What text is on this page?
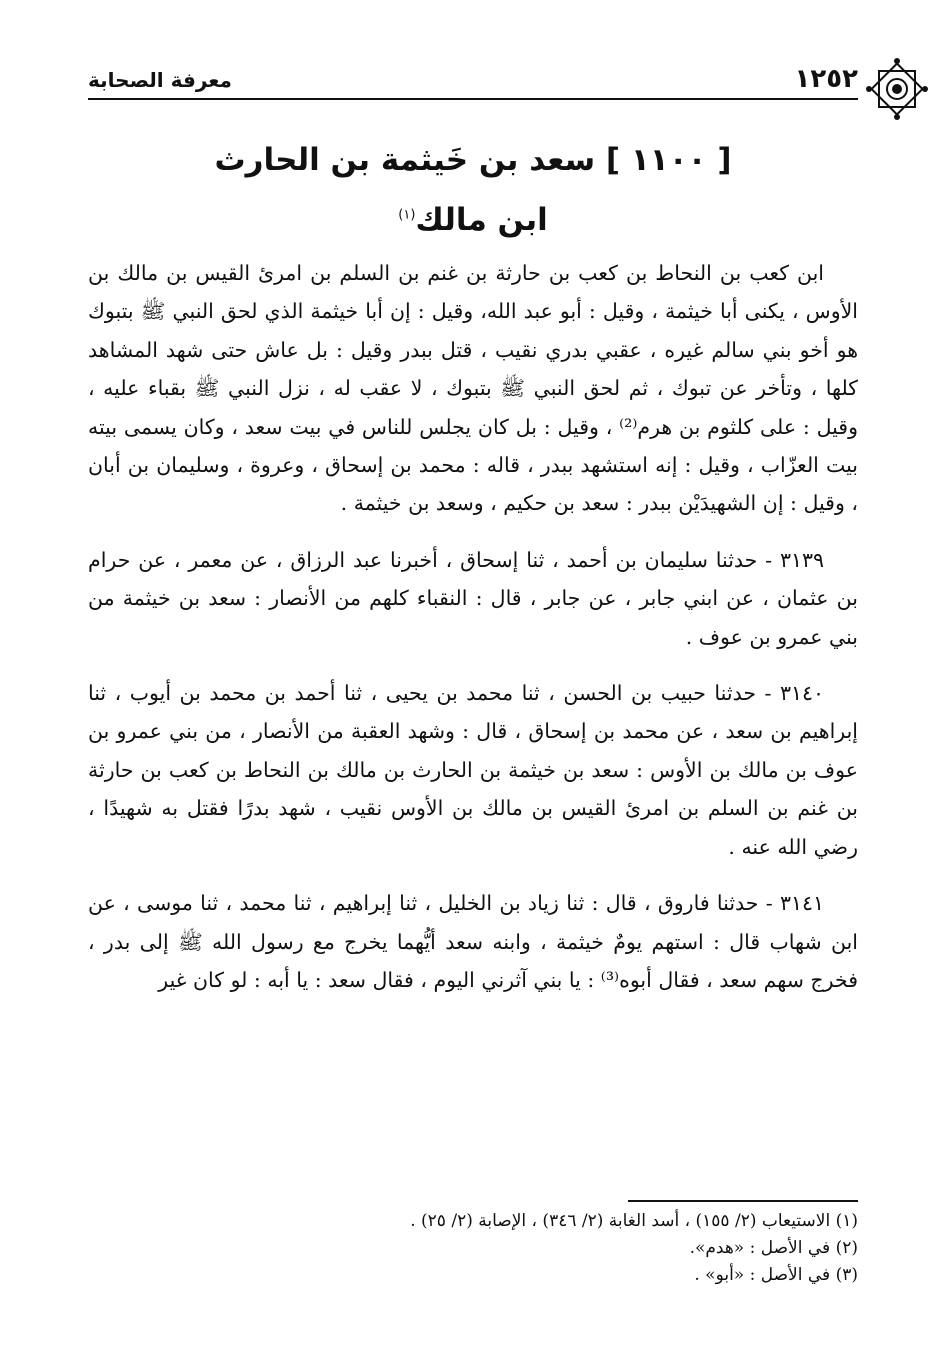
١٢٥٢
معرفة الصحابة
[ ١١٠٠ ] سعد بن خَيثمة بن الحارث
ابن مالك$^{(١)}$

ابن كعب بن النحاط بن كعب بن حارثة بن غنم بن السلم بن امرئ القيس بن مالك بن الأوس ، يكنى أبا خيثمة ، وقيل : أبو عبد الله، وقيل : إن أبا خيثمة الذي لحق النبي ﷺ بتبوك هو أخو بني سالم غيره ، عقبي بدري نقيب ، قتل ببدر وقيل : بل عاش حتى شهد المشاهد كلها ، وتأخر عن تبوك ، ثم لحق النبي ﷺ بتبوك ، لا عقب له ، نزل النبي ﷺ بقباء عليه ، وقيل : على كلثوم بن هرم⁽²⁾ ، وقيل : بل كان يجلس للناس في بيت سعد ، وكان يسمى بيته بيت العزّاب ، وقيل : إنه استشهد ببدر ، قاله : محمد بن إسحاق ، وعروة ، وسليمان بن أبان ، وقيل : إن الشهيدَيْن ببدر : سعد بن حكيم ، وسعد بن خيثمة .

٣١٣٩ - حدثنا سليمان بن أحمد ، ثنا إسحاق ، أخبرنا عبد الرزاق ، عن معمر ، عن حرام بن عثمان ، عن ابني جابر ، عن جابر ، قال : النقباء كلهم من الأنصار : سعد بن خيثمة من بني عمرو بن عوف .

٣١٤٠ - حدثنا حبيب بن الحسن ، ثنا محمد بن يحيى ، ثنا أحمد بن محمد بن أيوب ، ثنا إبراهيم بن سعد ، عن محمد بن إسحاق ، قال : وشهد العقبة من الأنصار ، من بني عمرو بن عوف بن مالك بن الأوس : سعد بن خيثمة بن الحارث بن مالك بن النحاط بن كعب بن حارثة بن غنم بن السلم بن امرئ القيس بن مالك بن الأوس نقيب ، شهد بدرًا فقتل به شهيدًا ، رضي الله عنه .

٣١٤١ - حدثنا فاروق ، قال : ثنا زياد بن الخليل ، ثنا إبراهيم ، ثنا محمد ، ثنا موسى ، عن ابن شهاب قال : استهم يومٌ خيثمة ، وابنه سعد أيُّهما يخرج مع رسول الله ﷺ إلى بدر ، فخرج سهم سعد ، فقال أبوه⁽³⁾ : يا بني آثرني اليوم ، فقال سعد : يا أبه : لو كان غير

(١) الاستيعاب (٢/ ١٥٥) ، أسد الغابة (٢/ ٣٤٦) ، الإصابة (٢/ ٢٥) .

(٢) في الأصل : «هدم».

(٣) في الأصل : «أبو» .
